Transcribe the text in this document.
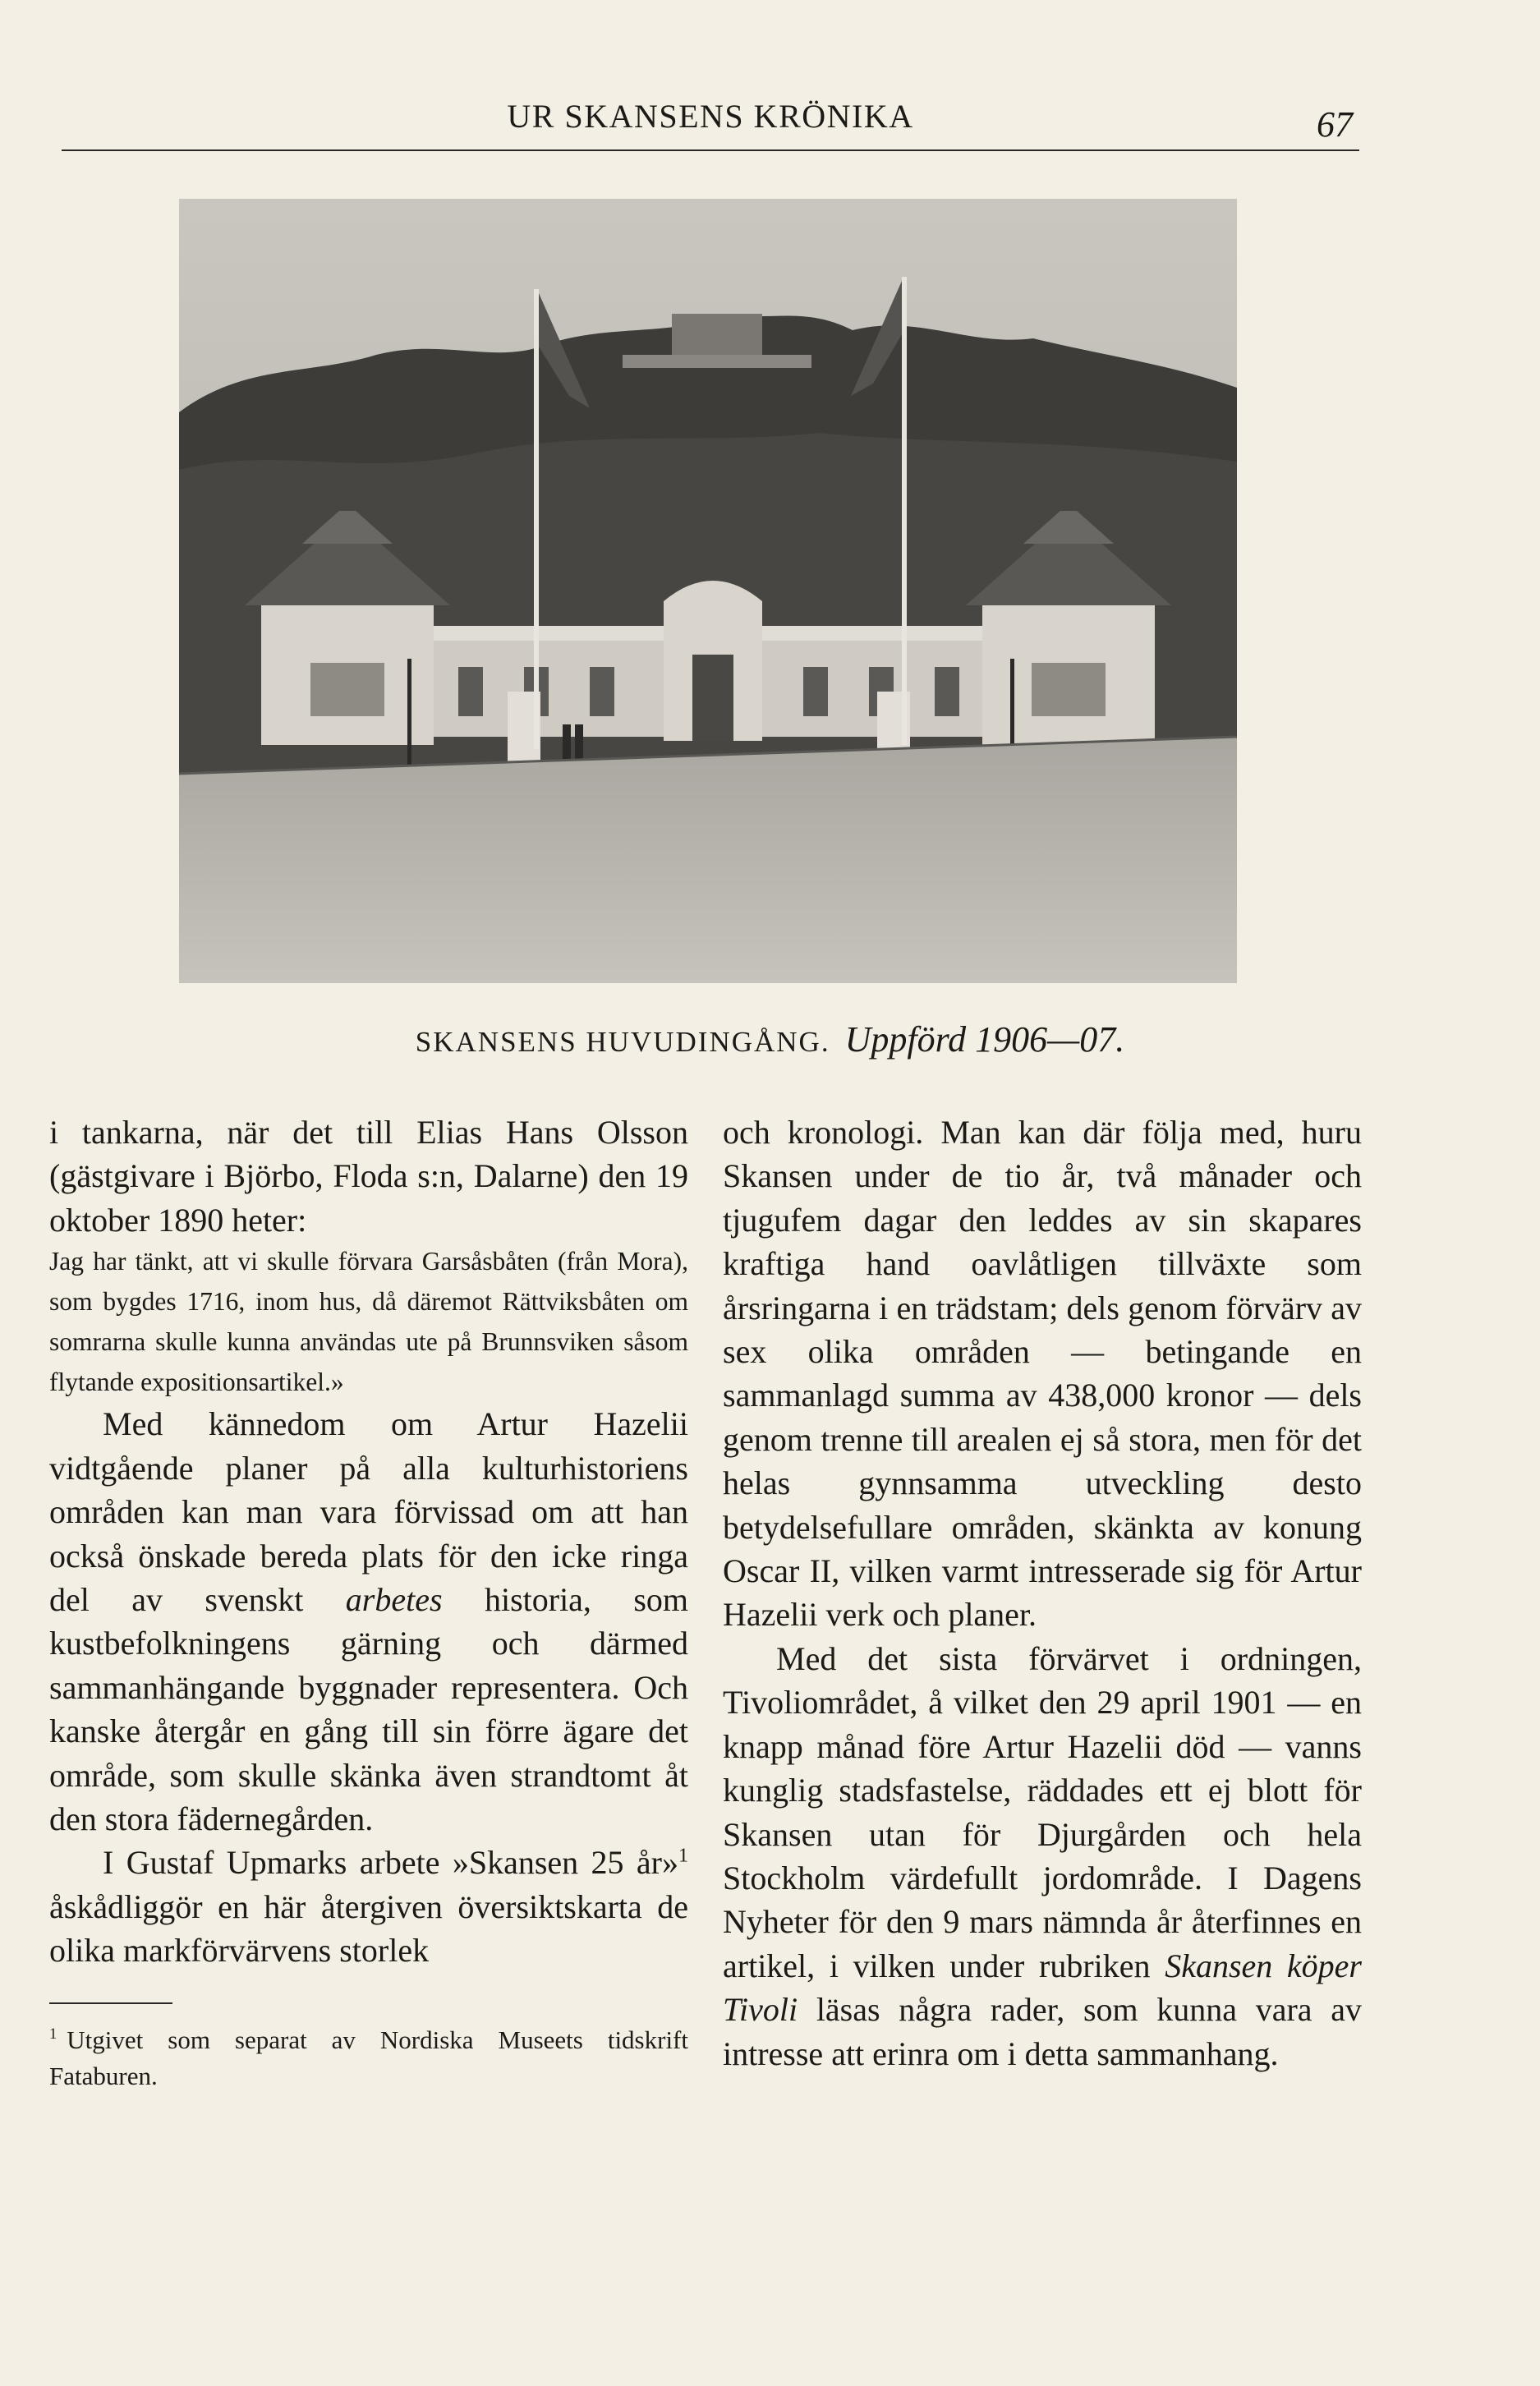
UR SKANSENS KRÖNIKA	67
SKANSENS HUVUDINGÅNG. Uppförd 1906—07.

i tankarna, när det till Elias Hans Olsson (gästgivare i Björbo, Floda s:n, Dalarne) den 19 oktober 1890 heter:

Jag har tänkt, att vi skulle förvara Garsåsbåten (från Mora), som bygdes 1716, inom hus, då däremot Rättviksbåten om somrarna skulle kunna användas ute på Brunnsviken såsom flytande expositionsartikel.»

Med kännedom om Artur Hazelii vidtgående planer på alla kulturhistoriens områden kan man vara förvissad om att han också önskade bereda plats för den icke ringa del av svenskt arbetes historia, som kustbefolkningens gärning och därmed sammanhängande byggnader representera. Och kanske återgår en gång till sin förre ägare det område, som skulle skänka även strandtomt åt den stora fädernegården.

I Gustaf Upmarks arbete »Skansen 25 år»$^1$ åskådliggör en här återgiven översiktskarta de olika markförvärvens storlek

$^1$ Utgivet som separat av Nordiska Museets tidskrift Fataburen.

och kronologi. Man kan där följa med, huru Skansen under de tio år, två månader och tjugufem dagar den leddes av sin skapares kraftiga hand oavlåtligen tillväxte som årsringarna i en trädstam; dels genom förvärv av sex olika områden — betingande en sammanlagd summa av 438,000 kronor — dels genom trenne till arealen ej så stora, men för det helas gynnsamma utveckling desto betydelsefullare områden, skänkta av konung Oscar II, vilken varmt intresserade sig för Artur Hazelii verk och planer.

Med det sista förvärvet i ordningen, Tivoliområdet, å vilket den 29 april 1901 — en knapp månad före Artur Hazelii död — vanns kunglig stadsfastelse, räddades ett ej blott för Skansen utan för Djurgården och hela Stockholm värdefullt jordområde. I Dagens Nyheter för den 9 mars nämnda år återfinnes en artikel, i vilken under rubriken Skansen köper Tivoli läsas några rader, som kunna vara av intresse att erinra om i detta sammanhang.
